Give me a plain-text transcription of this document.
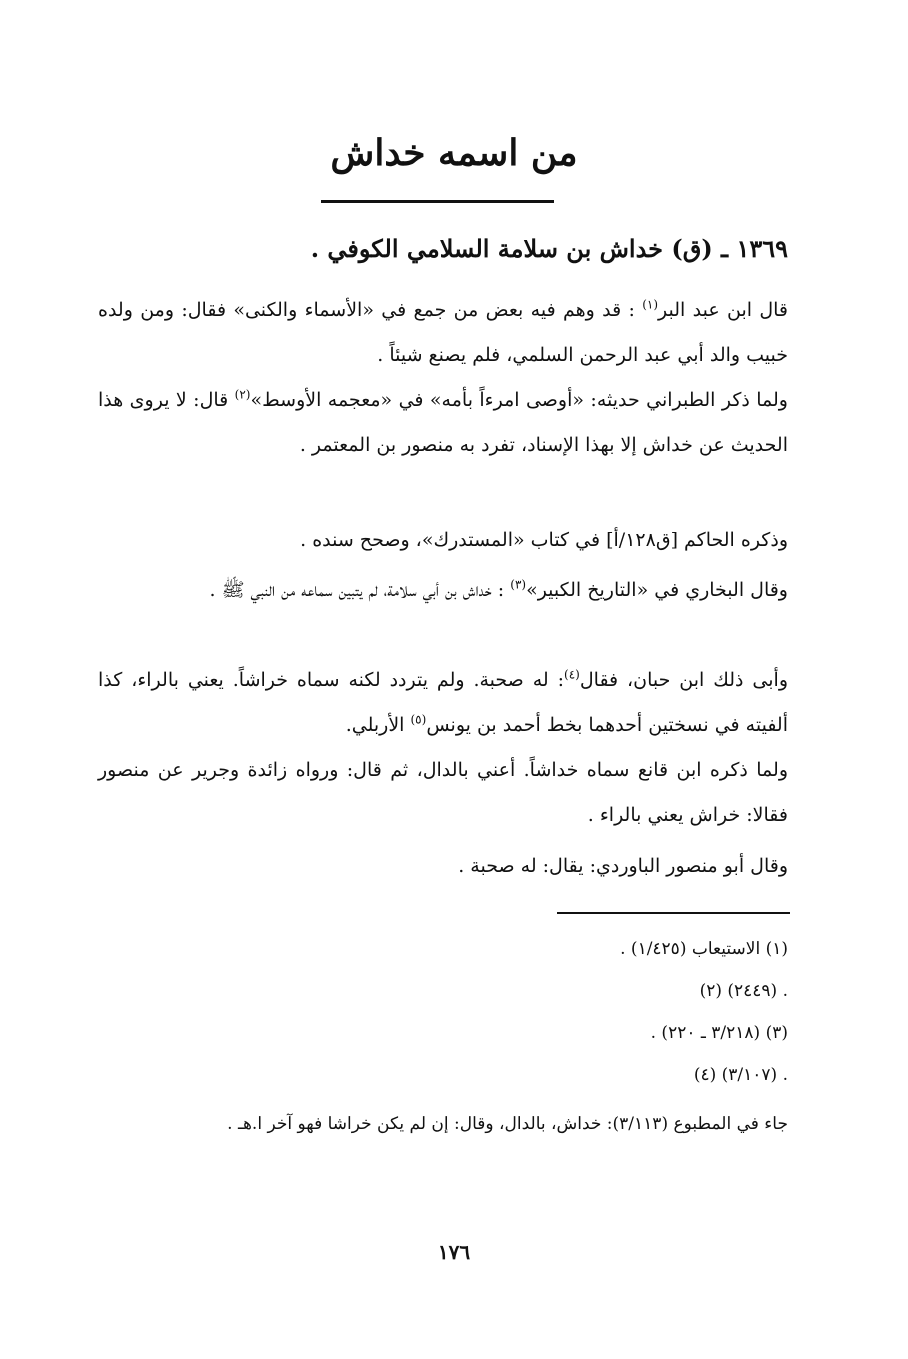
من اسمه خداش
١٣٦٩ ـ (ق) خداش بن سلامة السلامي الكوفي .
قال ابن عبد البر$^{(١)}$ : قد وهم فيه بعض من جمع في «الأسماء والكنى» فقال: ومن ولده خبيب والد أبي عبد الرحمن السلمي، فلم يصنع شيئاً .
ولما ذكر الطبراني حديثه: «أوصى امرءاً بأمه» في «معجمه الأوسط»$^{(٢)}$ قال: لا يروى هذا الحديث عن خداش إلا بهذا الإسناد، تفرد به منصور بن المعتمر .
وذكره الحاكم [ق١٢٨/أ] في كتاب «المستدرك»، وصحح سنده .
وقال البخاري في «التاريخ الكبير»$^{(٣)}$ : خداش بن أبي سلامة، لم يتبين سماعه من النبي ﷺ .
وأبى ذلك ابن حبان، فقال$^{(٤)}$: له صحبة. ولم يتردد لكنه سماه خراشاً. يعني بالراء، كذا ألفيته في نسختين أحدهما بخط أحمد بن يونس$^{(٥)}$ الأربلي.
ولما ذكره ابن قانع سماه خداشاً. أعني بالدال، ثم قال: ورواه زائدة وجرير عن منصور فقالا: خراش يعني بالراء .
وقال أبو منصور الباوردي: يقال: له صحبة .
(١) الاستيعاب (١/٤٢٥) .
(٢) (٢٤٤٩) .
(٣) (٣/٢١٨ ـ ٢٢٠) .
(٤) (٣/١٠٧) .
جاء في المطبوع (٣/١١٣): خداش، بالدال، وقال: إن لم يكن خراشا فهو آخر ا.هـ .
١٧٦
